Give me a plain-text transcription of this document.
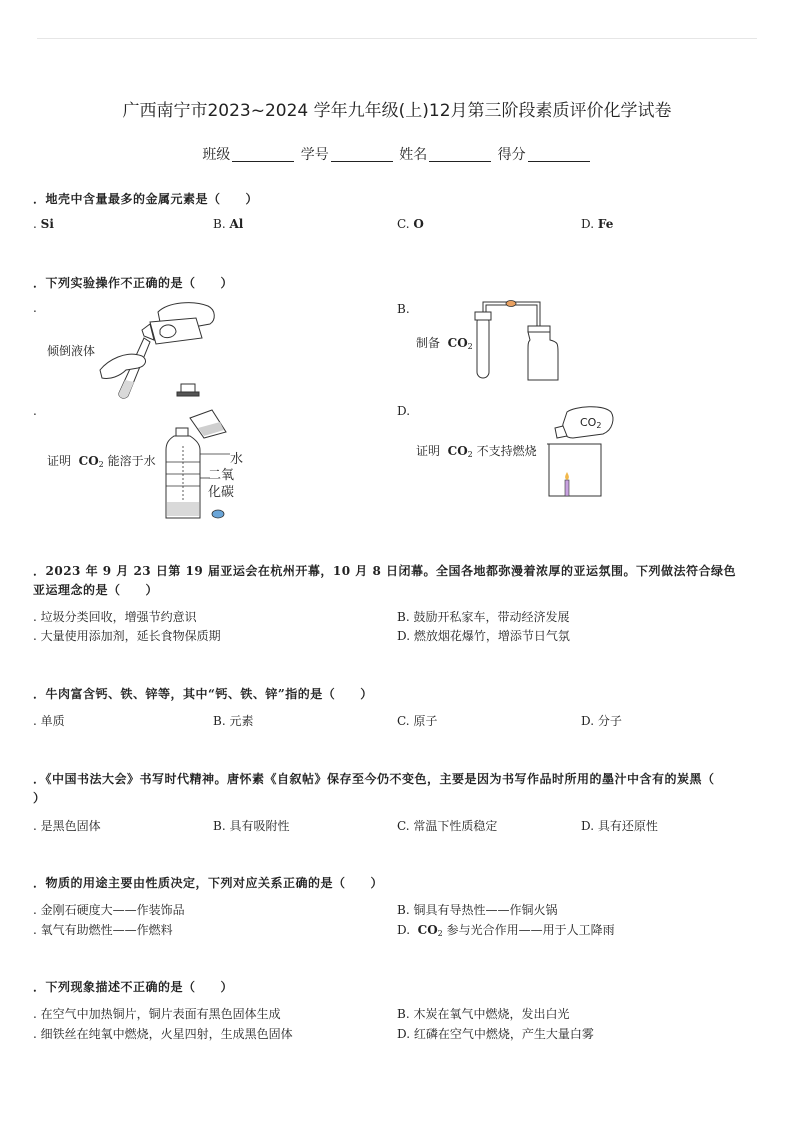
广西南宁市2023~2024 学年九年级(上)12月第三阶段素质评价化学试卷
班级	学号	姓名	得分
．地壳中含量最多的金属元素是（　　）
. Si	B. Al	C. O	D. Fe
．下列实验操作不正确的是（　　）
.
倾倒液体
B.
制备 $CO_2$
.
证明 $CO_2$ 能溶于水	水
二氧
化碳
D.
证明 $CO_2$ 不支持燃烧
$CO_2$
．2023 年 9 月 23 日第 19 届亚运会在杭州开幕，10 月 8 日闭幕。全国各地都弥漫着浓厚的亚运氛围。下列做法符合绿色
亚运理念的是（　　）
. 垃圾分类回收，增强节约意识	B. 鼓励开私家车，带动经济发展
. 大量使用添加剂，延长食物保质期	D. 燃放烟花爆竹，增添节日气氛
．牛肉富含钙、铁、锌等，其中“钙、铁、锌”指的是（　　）
. 单质	B. 元素	C. 原子	D. 分子
．《中国书法大会》书写时代精神。唐怀素《自叙帖》保存至今仍不变色，主要是因为书写作品时所用的墨汁中含有的炭黑（
）
. 是黑色固体	B. 具有吸附性	C. 常温下性质稳定	D. 具有还原性
．物质的用途主要由性质决定，下列对应关系正确的是（　　）
. 金刚石硬度大——作装饰品	B. 铜具有导热性——作铜火锅
. 氧气有助燃性——作燃料	D. $CO_2$ 参与光合作用——用于人工降雨
．下列现象描述不正确的是（　　）
. 在空气中加热铜片，铜片表面有黑色固体生成	B. 木炭在氧气中燃烧，发出白光
. 细铁丝在纯氧中燃烧，火星四射，生成黑色固体	D. 红磷在空气中燃烧，产生大量白雾
